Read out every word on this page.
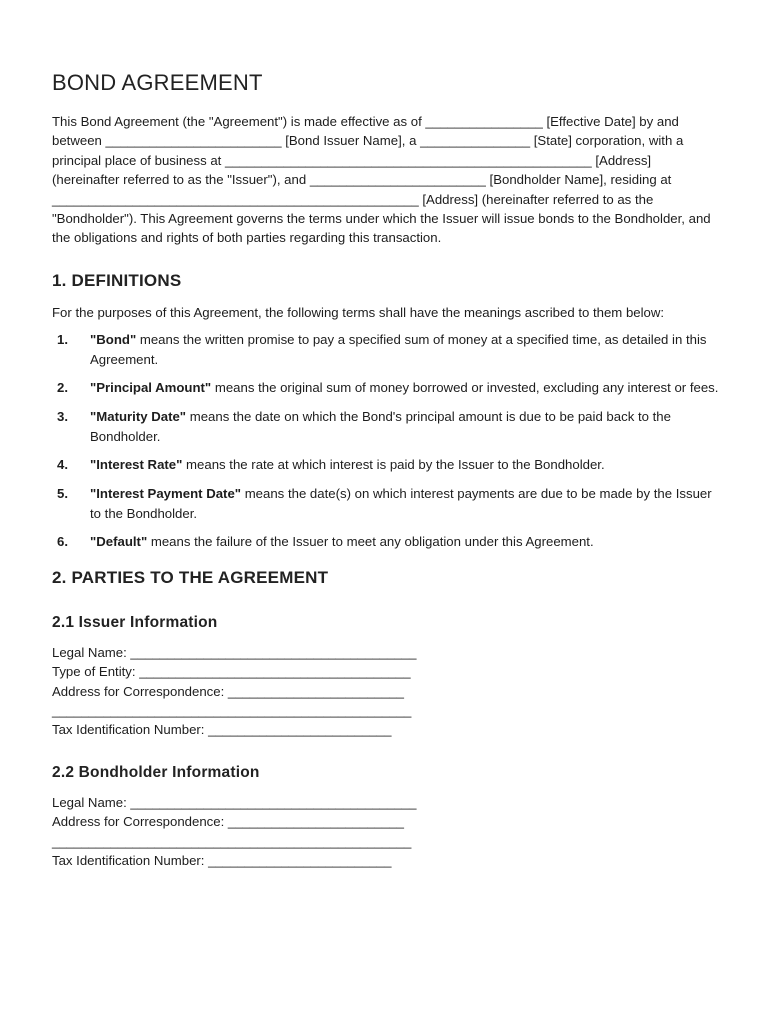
BOND AGREEMENT

This Bond Agreement (the "Agreement") is made effective as of ________________ [Effective Date] by and between ________________________ [Bond Issuer Name], a _______________ [State] corporation, with a principal place of business at __________________________________________________ [Address] (hereinafter referred to as the "Issuer"), and ________________________ [Bondholder Name], residing at __________________________________________________ [Address] (hereinafter referred to as the "Bondholder"). This Agreement governs the terms under which the Issuer will issue bonds to the Bondholder, and the obligations and rights of both parties regarding this transaction.

1. DEFINITIONS

For the purposes of this Agreement, the following terms shall have the meanings ascribed to them below:

1. "Bond" means the written promise to pay a specified sum of money at a specified time, as detailed in this Agreement.
2. "Principal Amount" means the original sum of money borrowed or invested, excluding any interest or fees.
3. "Maturity Date" means the date on which the Bond's principal amount is due to be paid back to the Bondholder.
4. "Interest Rate" means the rate at which interest is paid by the Issuer to the Bondholder.
5. "Interest Payment Date" means the date(s) on which interest payments are due to be made by the Issuer to the Bondholder.
6. "Default" means the failure of the Issuer to meet any obligation under this Agreement.
2. PARTIES TO THE AGREEMENT
2.1 Issuer Information
Legal Name: _______________________________________
Type of Entity: _____________________________________
Address for Correspondence: ________________________
_________________________________________________
Tax Identification Number: _________________________
2.2 Bondholder Information
Legal Name: _______________________________________
Address for Correspondence: ________________________
_________________________________________________
Tax Identification Number: _________________________
